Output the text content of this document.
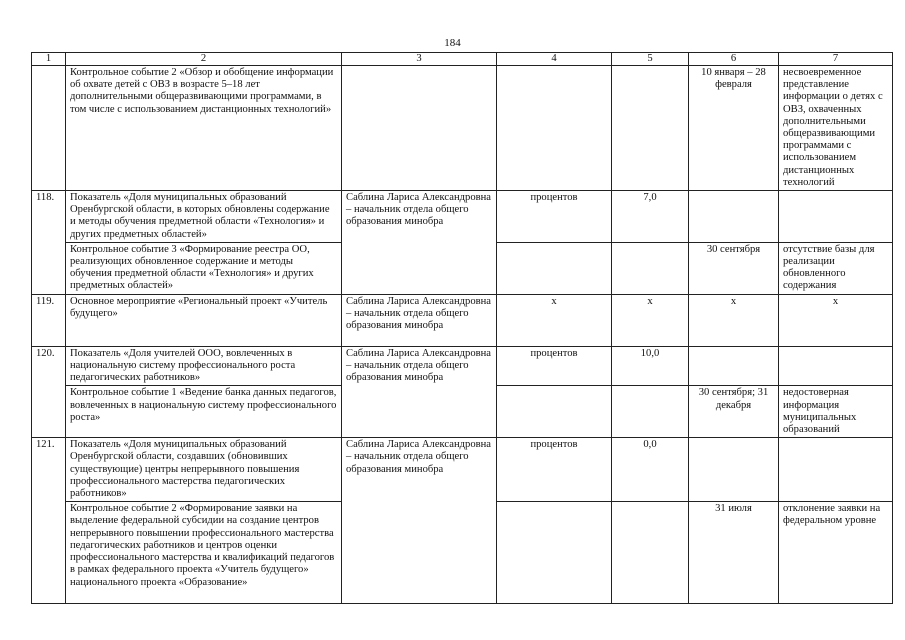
184
1	2	3	4	5	6	7
	Контрольное событие 2 «Обзор и обобщение информации об охвате детей с ОВЗ в возрасте 5–18 лет дополнительными общеразвивающими программами, в том числе с использованием дистанционных технологий»				10 января – 28 февраля	несвоевременное представление информации о детях с ОВЗ, охваченных дополнительными общеразвивающими программами с использованием дистанционных технологий
118.	Показатель «Доля муниципальных образований Оренбургской области, в которых обновлены содержание и методы обучения предметной области «Технология» и других предметных областей»	Саблина Лариса Александровна – начальник отдела общего образования минобра	процентов	7,0		
	Контрольное событие 3 «Формирование реестра ОО, реализующих обновленное содержание и методы обучения предметной области «Технология» и других предметных областей»				30 сентября	отсутствие базы для реализации обновленного содержания
119.	Основное мероприятие «Региональный проект «Учитель будущего»	Саблина Лариса Александровна – начальник отдела общего образования минобра	х	х	х	х
120.	Показатель «Доля учителей ООО, вовлеченных в национальную систему профессионального роста педагогических работников»	Саблина Лариса Александровна – начальник отдела общего образования минобра	процентов	10,0		
	Контрольное событие 1 «Ведение банка данных педагогов, вовлеченных в национальную систему профессионального роста»				30 сентября; 31 декабря	недостоверная информация муниципальных образований
121.	Показатель «Доля муниципальных образований Оренбургской области, создавших (обновивших существующие) центры непрерывного повышения профессионального мастерства педагогических работников»	Саблина Лариса Александровна – начальник отдела общего образования минобра	процентов	0,0		
	Контрольное событие 2 «Формирование заявки на выделение федеральной субсидии на создание центров непрерывного повышении профессионального мастерства педагогических работников и центров оценки профессионального мастерства и квалификаций педагогов в рамках федерального проекта «Учитель будущего» национального проекта «Образование»				31 июля	отклонение заявки на федеральном уровне
